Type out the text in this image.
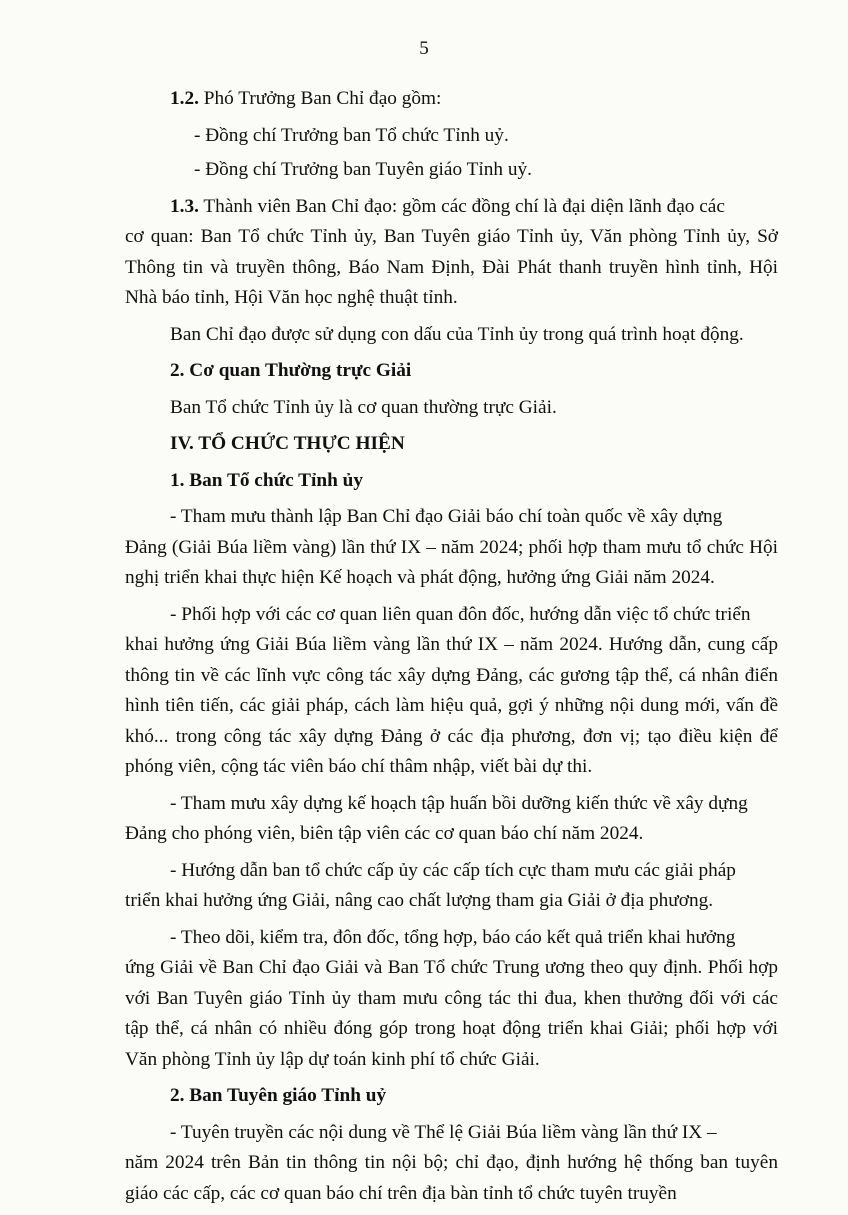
5
1.2. Phó Trưởng Ban Chỉ đạo gồm:
- Đồng chí Trưởng ban Tổ chức Tỉnh uỷ.
- Đồng chí Trưởng ban Tuyên giáo Tỉnh uỷ.
1.3. Thành viên Ban Chỉ đạo: gồm các đồng chí là đại diện lãnh đạo các
cơ quan: Ban Tổ chức Tỉnh ủy, Ban Tuyên giáo Tỉnh ủy, Văn phòng Tỉnh ủy, Sở Thông tin và truyền thông, Báo Nam Định, Đài Phát thanh truyền hình tỉnh, Hội Nhà báo tỉnh, Hội Văn học nghệ thuật tỉnh.
Ban Chỉ đạo được sử dụng con dấu của Tỉnh ủy trong quá trình hoạt động.
2. Cơ quan Thường trực Giải
Ban Tổ chức Tỉnh ủy là cơ quan thường trực Giải.
IV. TỔ CHỨC THỰC HIỆN
1. Ban Tổ chức Tỉnh ủy
- Tham mưu thành lập Ban Chỉ đạo Giải báo chí toàn quốc về xây dựng
Đảng (Giải Búa liềm vàng) lần thứ IX – năm 2024; phối hợp tham mưu tổ chức Hội nghị triển khai thực hiện Kế hoạch và phát động, hưởng ứng Giải năm 2024.
- Phối hợp với các cơ quan liên quan đôn đốc, hướng dẫn việc tổ chức triển
khai hưởng ứng Giải Búa liềm vàng lần thứ IX – năm 2024. Hướng dẫn, cung cấp thông tin về các lĩnh vực công tác xây dựng Đảng, các gương tập thể, cá nhân điển hình tiên tiến, các giải pháp, cách làm hiệu quả, gợi ý những nội dung mới, vấn đề khó... trong công tác xây dựng Đảng ở các địa phương, đơn vị; tạo điều kiện để phóng viên, cộng tác viên báo chí thâm nhập, viết bài dự thi.
- Tham mưu xây dựng kế hoạch tập huấn bồi dưỡng kiến thức về xây dựng
Đảng cho phóng viên, biên tập viên các cơ quan báo chí năm 2024.
- Hướng dẫn ban tổ chức cấp ủy các cấp tích cực tham mưu các giải pháp
triển khai hưởng ứng Giải, nâng cao chất lượng tham gia Giải ở địa phương.
- Theo dõi, kiểm tra, đôn đốc, tổng hợp, báo cáo kết quả triển khai hưởng
ứng Giải về Ban Chỉ đạo Giải và Ban Tổ chức Trung ương theo quy định. Phối hợp với Ban Tuyên giáo Tỉnh ủy tham mưu công tác thi đua, khen thưởng đối với các tập thể, cá nhân có nhiều đóng góp trong hoạt động triển khai Giải; phối hợp với Văn phòng Tỉnh ủy lập dự toán kinh phí tổ chức Giải.
2. Ban Tuyên giáo Tỉnh uỷ
- Tuyên truyền các nội dung về Thể lệ Giải Búa liềm vàng lần thứ IX –
năm 2024 trên Bản tin thông tin nội bộ; chỉ đạo, định hướng hệ thống ban tuyên giáo các cấp, các cơ quan báo chí trên địa bàn tỉnh tổ chức tuyên truyền
